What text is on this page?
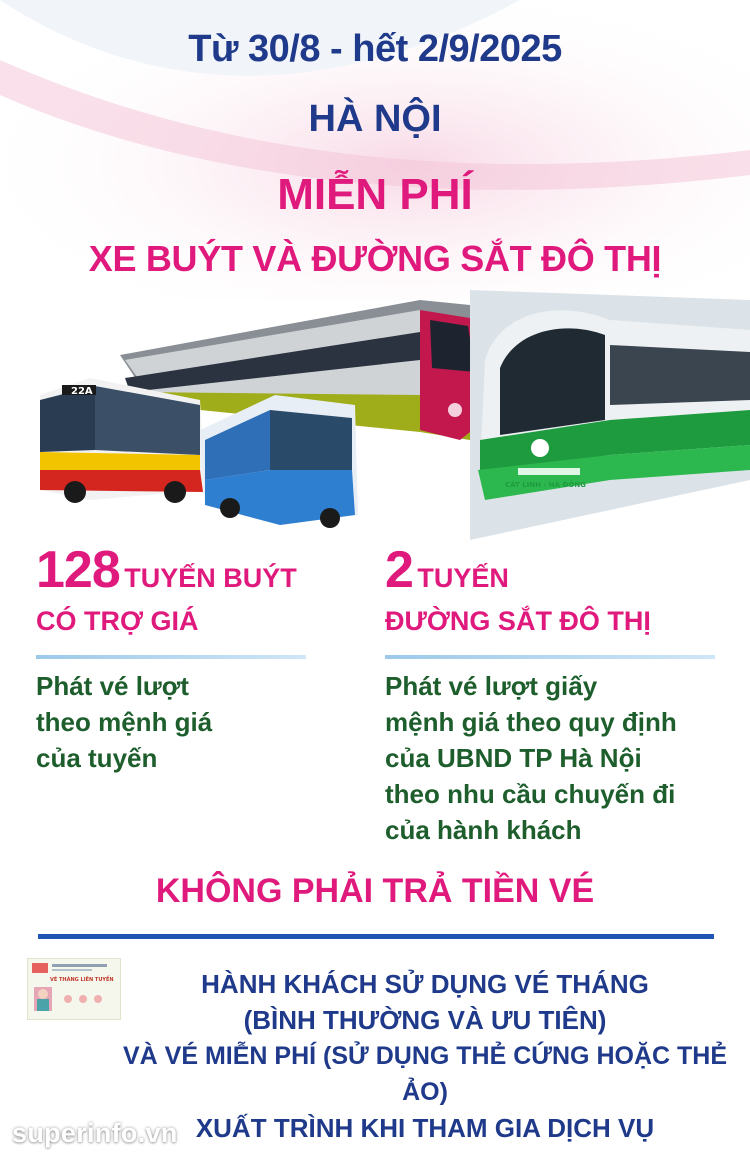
Từ 30/8 - hết 2/9/2025
HÀ NỘI
MIỄN PHÍ
XE BUÝT VÀ ĐƯỜNG SẮT ĐÔ THỊ
22A
CÁT LINH - HÀ ĐÔNG
128 TUYẾN BUÝT
CÓ TRỢ GIÁ
Phát vé lượt
theo mệnh giá
của tuyến
2 TUYẾN
ĐƯỜNG SẮT ĐÔ THỊ
Phát vé lượt giấy
mệnh giá theo quy định
của UBND TP Hà Nội
theo nhu cầu chuyến đi
của hành khách
KHÔNG PHẢI TRẢ TIỀN VÉ
VÉ THÁNG LIÊN TUYẾN	HÀNH KHÁCH SỬ DỤNG VÉ THÁNG
(BÌNH THƯỜNG VÀ ƯU TIÊN)
VÀ VÉ MIỄN PHÍ (SỬ DỤNG THẺ CỨNG HOẶC THẺ ẢO)
XUẤT TRÌNH KHI THAM GIA DỊCH VỤ
superinfo.vn
